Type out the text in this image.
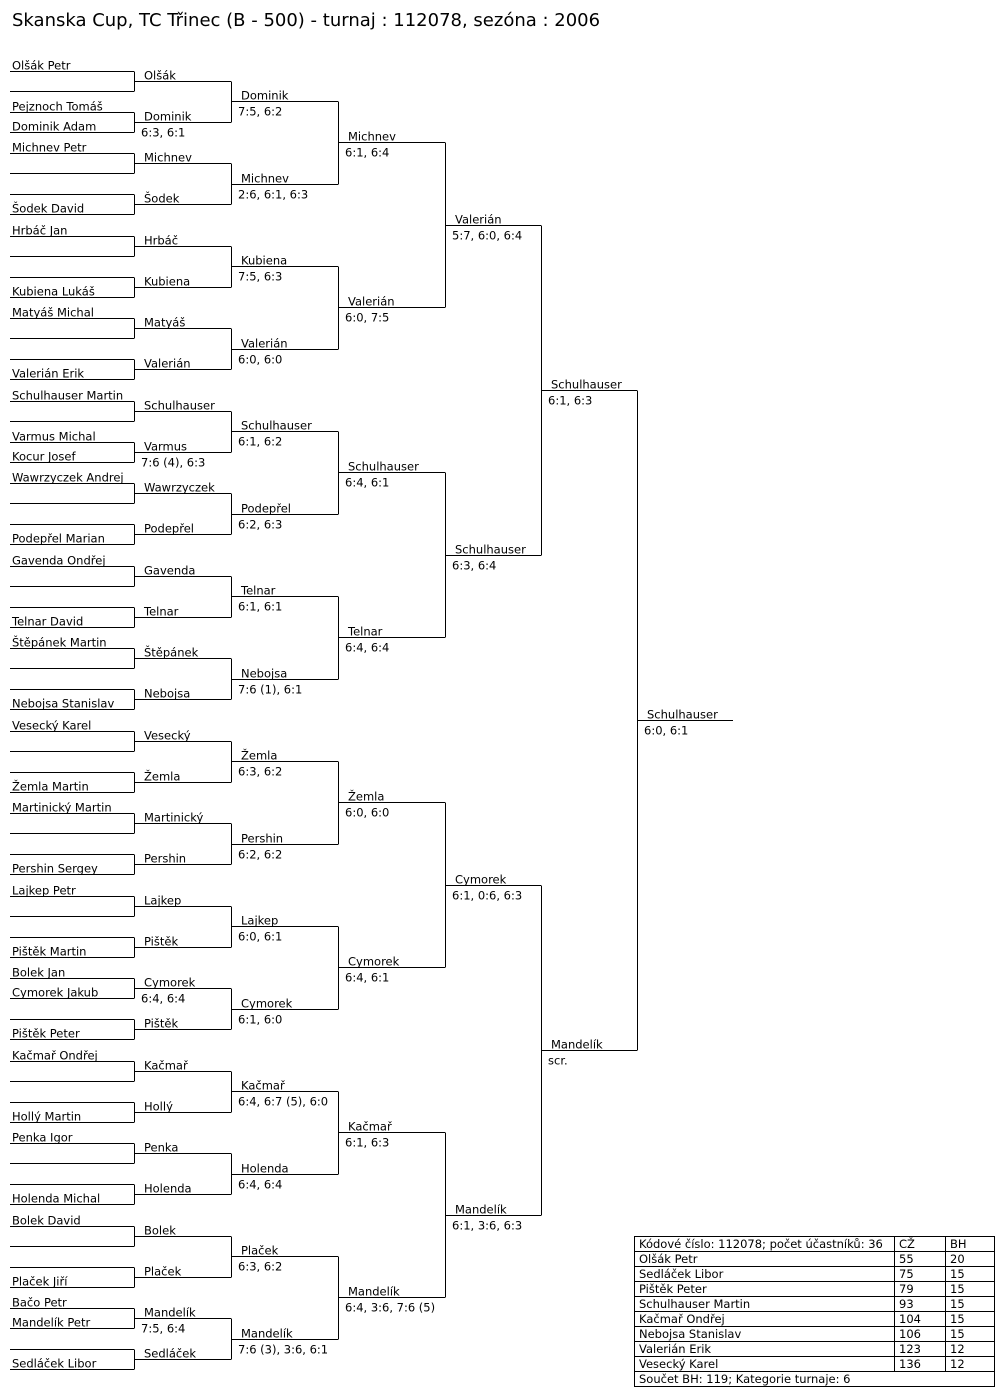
Skanska Cup, TC Třinec (B - 500) - turnaj : 112078, sezóna : 2006
Olšák Petr
Pejznoch Tomáš
Dominik Adam
Michnev Petr
Šodek David
Hrbáč Jan
Kubiena Lukáš
Matyáš Michal
Valerián Erik
Schulhauser Martin
Varmus Michal
Kocur Josef
Wawrzyczek Andrej
Podepřel Marian
Gavenda Ondřej
Telnar David
Štěpánek Martin
Nebojsa Stanislav
Vesecký Karel
Žemla Martin
Martinický Martin
Pershin Sergey
Lajkep Petr
Pištěk Martin
Bolek Jan
Cymorek Jakub
Pištěk Peter
Kačmař Ondřej
Hollý Martin
Penka Igor
Holenda Michal
Bolek David
Plaček Jiří
Bačo Petr
Mandelík Petr
Sedláček Libor
Olšák
Dominik
6:3, 6:1
Michnev
Šodek
Hrbáč
Kubiena
Matyáš
Valerián
Schulhauser
Varmus
7:6 (4), 6:3
Wawrzyczek
Podepřel
Gavenda
Telnar
Štěpánek
Nebojsa
Vesecký
Žemla
Martinický
Pershin
Lajkep
Pištěk
Cymorek
6:4, 6:4
Pištěk
Kačmař
Hollý
Penka
Holenda
Bolek
Plaček
Mandelík
7:5, 6:4
Sedláček
Dominik
7:5, 6:2
Michnev
2:6, 6:1, 6:3
Kubiena
7:5, 6:3
Valerián
6:0, 6:0
Schulhauser
6:1, 6:2
Podepřel
6:2, 6:3
Telnar
6:1, 6:1
Nebojsa
7:6 (1), 6:1
Žemla
6:3, 6:2
Pershin
6:2, 6:2
Lajkep
6:0, 6:1
Cymorek
6:1, 6:0
Kačmař
6:4, 6:7 (5), 6:0
Holenda
6:4, 6:4
Plaček
6:3, 6:2
Mandelík
7:6 (3), 3:6, 6:1
Michnev
6:1, 6:4
Valerián
6:0, 7:5
Schulhauser
6:4, 6:1
Telnar
6:4, 6:4
Žemla
6:0, 6:0
Cymorek
6:4, 6:1
Kačmař
6:1, 6:3
Mandelík
6:4, 3:6, 7:6 (5)
Valerián
5:7, 6:0, 6:4
Schulhauser
6:3, 6:4
Cymorek
6:1, 0:6, 6:3
Mandelík
6:1, 3:6, 6:3
Schulhauser
6:1, 6:3
Mandelík
scr.
Schulhauser
6:0, 6:1
Kódové číslo: 112078; počet účastníků: 36	CŽ	BH
Olšák Petr	55	20
Sedláček Libor	75	15
Pištěk Peter	79	15
Schulhauser Martin	93	15
Kačmař Ondřej	104	15
Nebojsa Stanislav	106	15
Valerián Erik	123	12
Vesecký Karel	136	12
Součet BH: 119; Kategorie turnaje: 6		
